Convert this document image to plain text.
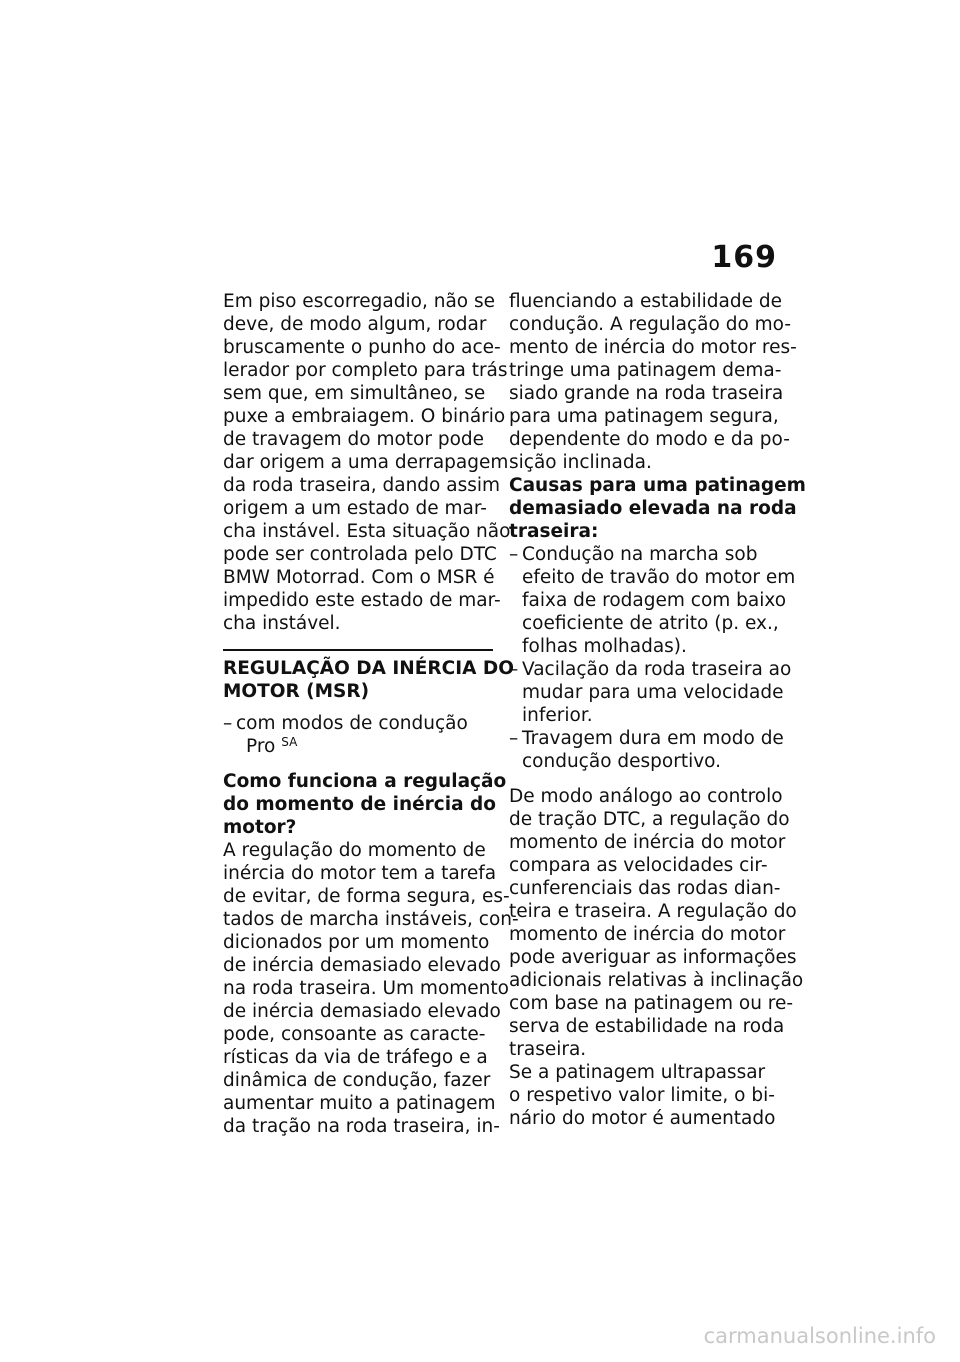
169

Em piso escorregadio, não se
deve, de modo algum, rodar
bruscamente o punho do ace-
lerador por completo para trás
sem que, em simultâneo, se
puxe a embraiagem. O binário
de travagem do motor pode
dar origem a uma derrapagem
da roda traseira, dando assim
origem a um estado de mar-
cha instável. Esta situação não
pode ser controlada pelo DTC
BMW Motorrad. Com o MSR é
impedido este estado de mar-
cha instável.

REGULAÇÃO DA INÉRCIA DO
MOTOR (MSR)
– com modos de condução
Pro $^{SA}$
Como funciona a regulação
do momento de inércia do
motor?

A regulação do momento de
inércia do motor tem a tarefa
de evitar, de forma segura, es-
tados de marcha instáveis, con-
dicionados por um momento
de inércia demasiado elevado
na roda traseira. Um momento
de inércia demasiado elevado
pode, consoante as caracte-
rísticas da via de tráfego e a
dinâmica de condução, fazer
aumentar muito a patinagem
da tração na roda traseira, in-

fluenciando a estabilidade de
condução. A regulação do mo-
mento de inércia do motor res-
tringe uma patinagem dema-
siado grande na roda traseira
para uma patinagem segura,
dependente do modo e da po-
sição inclinada.

Causas para uma patinagem
demasiado elevada na roda
traseira:
– Condução na marcha sob
efeito de travão do motor em
faixa de rodagem com baixo
coeficiente de atrito (p. ex.,
folhas molhadas).
– Vacilação da roda traseira ao
mudar para uma velocidade
inferior.
– Travagem dura em modo de
condução desportivo.

De modo análogo ao controlo
de tração DTC, a regulação do
momento de inércia do motor
compara as velocidades cir-
cunferenciais das rodas dian-
teira e traseira. A regulação do
momento de inércia do motor
pode averiguar as informações
adicionais relativas à inclinação
com base na patinagem ou re-
serva de estabilidade na roda
traseira.

Se a patinagem ultrapassar
o respetivo valor limite, o bi-
nário do motor é aumentado

carmanualsonline.info
